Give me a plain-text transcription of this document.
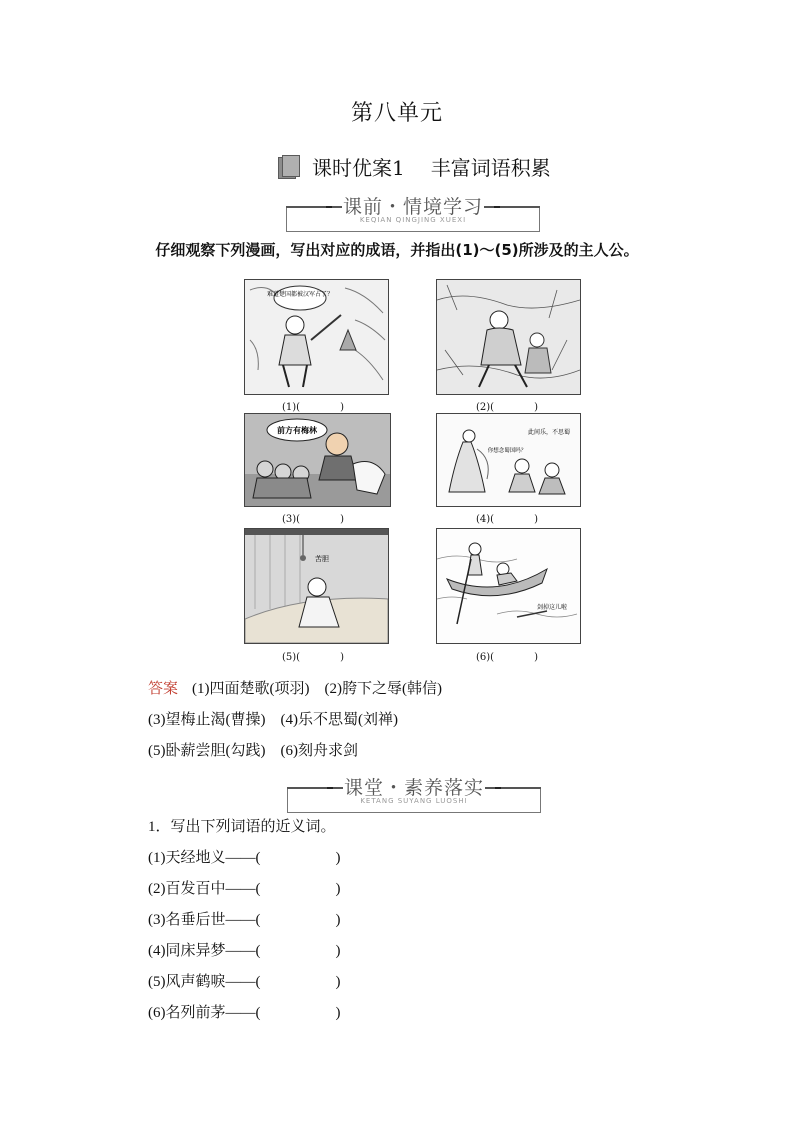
第八单元
课时优案1 丰富词语积累
课前・情境学习
KEQIAN QINGJING XUEXI
仔细观察下列漫画，写出对应的成语，并指出(1)～(5)所涉及的主人公。
难道楚国都被汉军占了？
(1)(　　　　)	(2)(　　　　)
前方有梅林
(3)(　　　　)
此间乐，不思蜀
你想念蜀国吗？
(4)(　　　　)
苦胆
(5)(　　　　)
剑掉这儿啦
(6)(　　　　)
答案 (1)四面楚歌(项羽)　(2)胯下之辱(韩信)
(3)望梅止渴(曹操)　(4)乐不思蜀(刘禅)
(5)卧薪尝胆(勾践)　(6)刻舟求剑
课堂・素养落实
KETANG SUYANG LUOSHI
1．写出下列词语的近义词。
(1)天经地义——(　　　　　)
(2)百发百中——(　　　　　)
(3)名垂后世——(　　　　　)
(4)同床异梦——(　　　　　)
(5)风声鹤唳——(　　　　　)
(6)名列前茅——(　　　　　)
